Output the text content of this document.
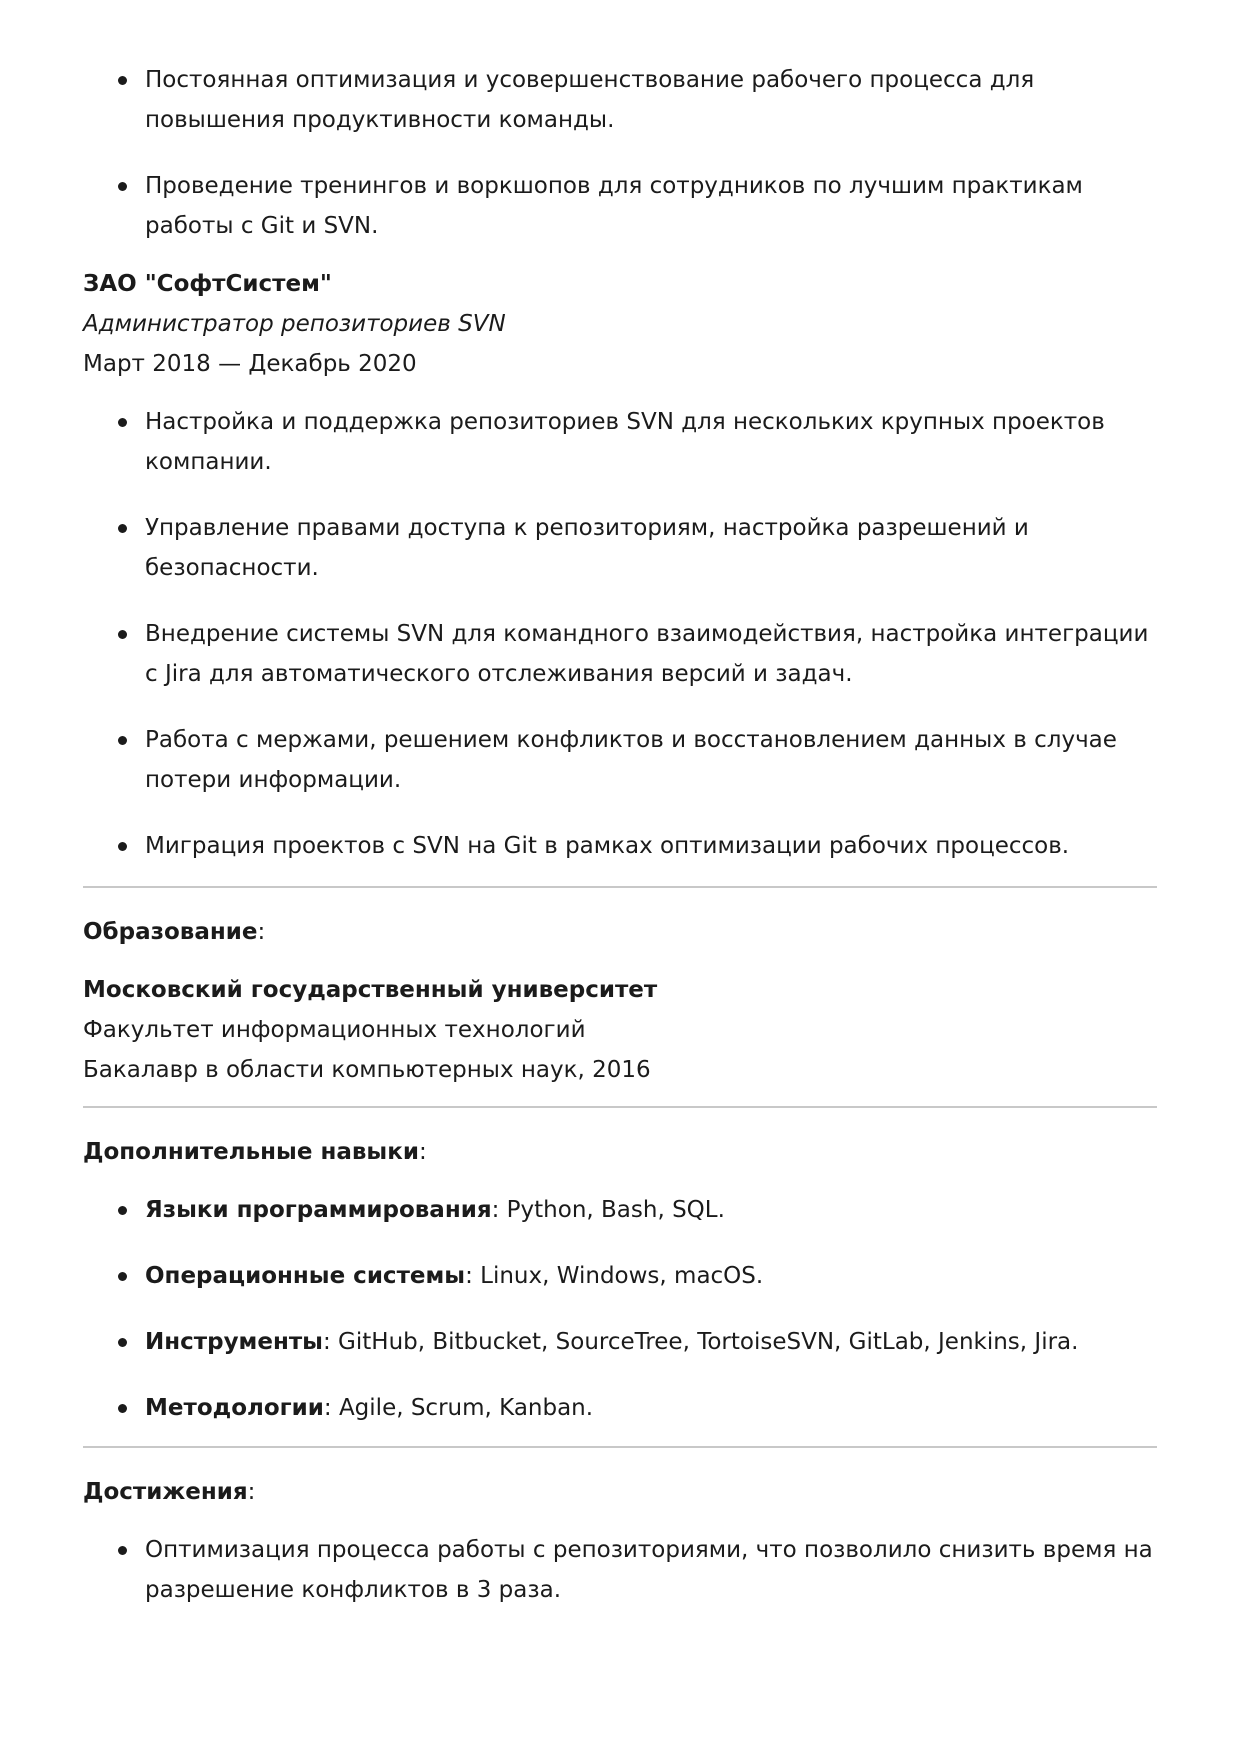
Постоянная оптимизация и усовершенствование рабочего процесса для повышения продуктивности команды.
Проведение тренингов и воркшопов для сотрудников по лучшим практикам работы с Git и SVN.

ЗАО "СофтСистем"

Администратор репозиториев SVN

Март 2018 — Декабрь 2020

Настройка и поддержка репозиториев SVN для нескольких крупных проектов компании.
Управление правами доступа к репозиториям, настройка разрешений и безопасности.
Внедрение системы SVN для командного взаимодействия, настройка интеграции с Jira для автоматического отслеживания версий и задач.
Работа с мержами, решением конфликтов и восстановлением данных в случае потери информации.
Миграция проектов с SVN на Git в рамках оптимизации рабочих процессов.

Образование:

Московский государственный университет

Факультет информационных технологий

Бакалавр в области компьютерных наук, 2016

Дополнительные навыки:

Языки программирования: Python, Bash, SQL.
Операционные системы: Linux, Windows, macOS.
Инструменты: GitHub, Bitbucket, SourceTree, TortoiseSVN, GitLab, Jenkins, Jira.
Методологии: Agile, Scrum, Kanban.

Достижения:

Оптимизация процесса работы с репозиториями, что позволило снизить время на разрешение конфликтов в 3 раза.
